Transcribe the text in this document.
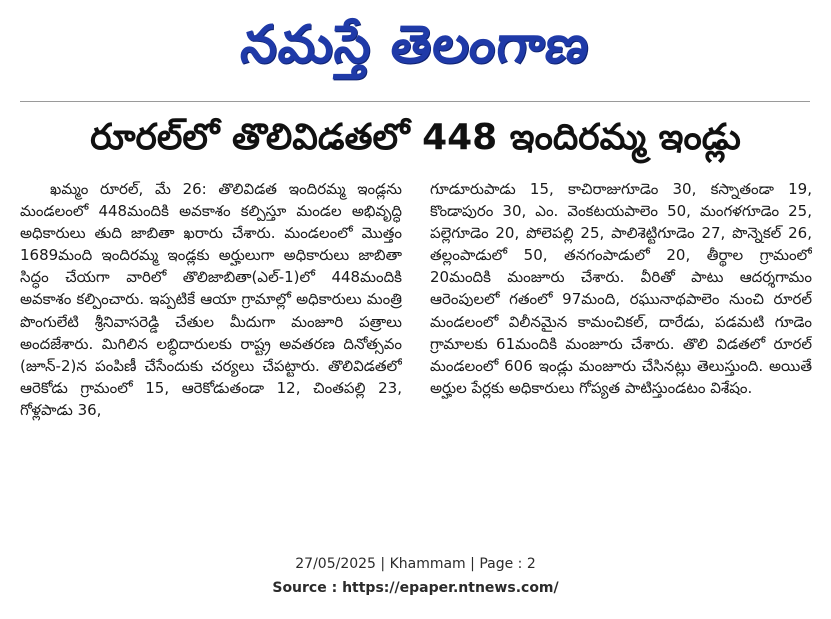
నమస్తే తెలంగాణ
రూరల్‌లో తొలివిడతలో 448 ఇందిరమ్మ ఇండ్లు

ఖమ్మం రూరల్, మే 26: తొలివిడత ఇందిరమ్మ ఇండ్లను మండలంలో 448మందికి అవకాశం కల్పిస్తూ మండల అభివృద్ధి అధికారులు తుది జాబితా ఖరారు చేశారు. మండలంలో మొత్తం 1689మంది ఇందిరమ్మ ఇండ్లకు అర్హులుగా అధికారులు జాబితా సిద్ధం చేయగా వారిలో తొలిజాబితా(ఎల్-1)లో 448మందికి అవకాశం కల్పించారు. ఇప్పటికే ఆయా గ్రామాల్లో అధికారులు మంత్రి పొంగులేటి శ్రీనివాసరెడ్డి చేతుల మీదుగా మంజూరి పత్రాలు అందజేశారు. మిగిలిన లబ్ధిదారులకు రాష్ట్ర అవతరణ దినోత్సవం (జూన్-2)న పంపిణీ చేసేందుకు చర్యలు చేపట్టారు. తొలివిడతలో ఆరెకోడు గ్రామంలో 15, ఆరెకోడుతండా 12, చింతపల్లి 23, గోళ్లపాడు 36,

గూడూరుపాడు 15, కాచిరాజుగూడెం 30, కస్నాతండా 19, కొండాపురం 30, ఎం. వెంకటయపాలెం 50, మంగళగూడెం 25, పల్లెగూడెం 20, పోలెపల్లి 25, పాలిశెట్టిగూడెం 27, పొన్నెకల్ 26, తల్లంపాడులో 50, తనగంపాడులో 20, తీర్థాల గ్రామంలో 20మందికి మంజూరు చేశారు. వీరితో పాటు ఆదర్శగామం ఆరెంపులలో గతంలో 97మంది, రఘునాథపాలెం నుంచి రూరల్ మండలంలో విలీనమైన కామంచికల్, దారేడు, పడమటి గూడెం గ్రామాలకు 61మందికి మంజూరు చేశారు. తొలి విడతలో రూరల్ మండలంలో 606 ఇండ్లు మంజూరు చేసినట్లు తెలుస్తుంది. అయితే అర్హుల పేర్లకు అధికారులు గోప్యత పాటిస్తుండటం విశేషం.

27/05/2025 | Khammam | Page : 2
Source : https://epaper.ntnews.com/
